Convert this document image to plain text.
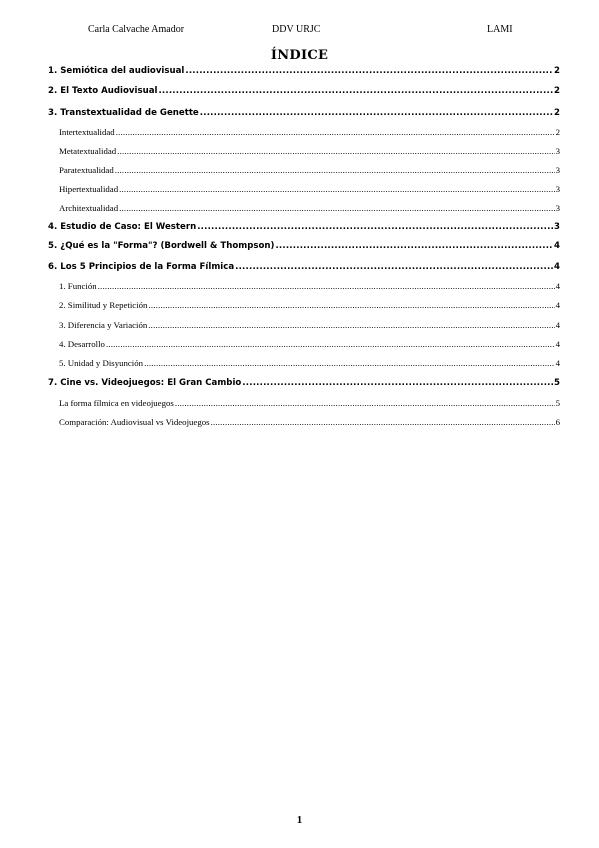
Carla Calvache Amador	DDV URJC	LAMI
ÍNDICE
1. Semiótica del audiovisual .....	2
2. El Texto Audiovisual .....	2
3. Transtextualidad de Genette .....	2
Intertextualidad .....	2
Metatextualidad .....	3
Paratextualidad .....	3
Hipertextualidad .....	3
Architextualidad .....	3
4. Estudio de Caso: El Western .....	3
5. ¿Qué es la "Forma"? (Bordwell & Thompson) .....	4
6. Los 5 Principios de la Forma Fílmica .....	4
1. Función .....	4
2. Similitud y Repetición .....	4
3. Diferencia y Variación .....	4
4. Desarrollo .....	4
5. Unidad y Disyunción .....	4
7. Cine vs. Videojuegos: El Gran Cambio .....	5
La forma fílmica en videojuegos .....	5
Comparación: Audiovisual vs Videojuegos .....	6
1
